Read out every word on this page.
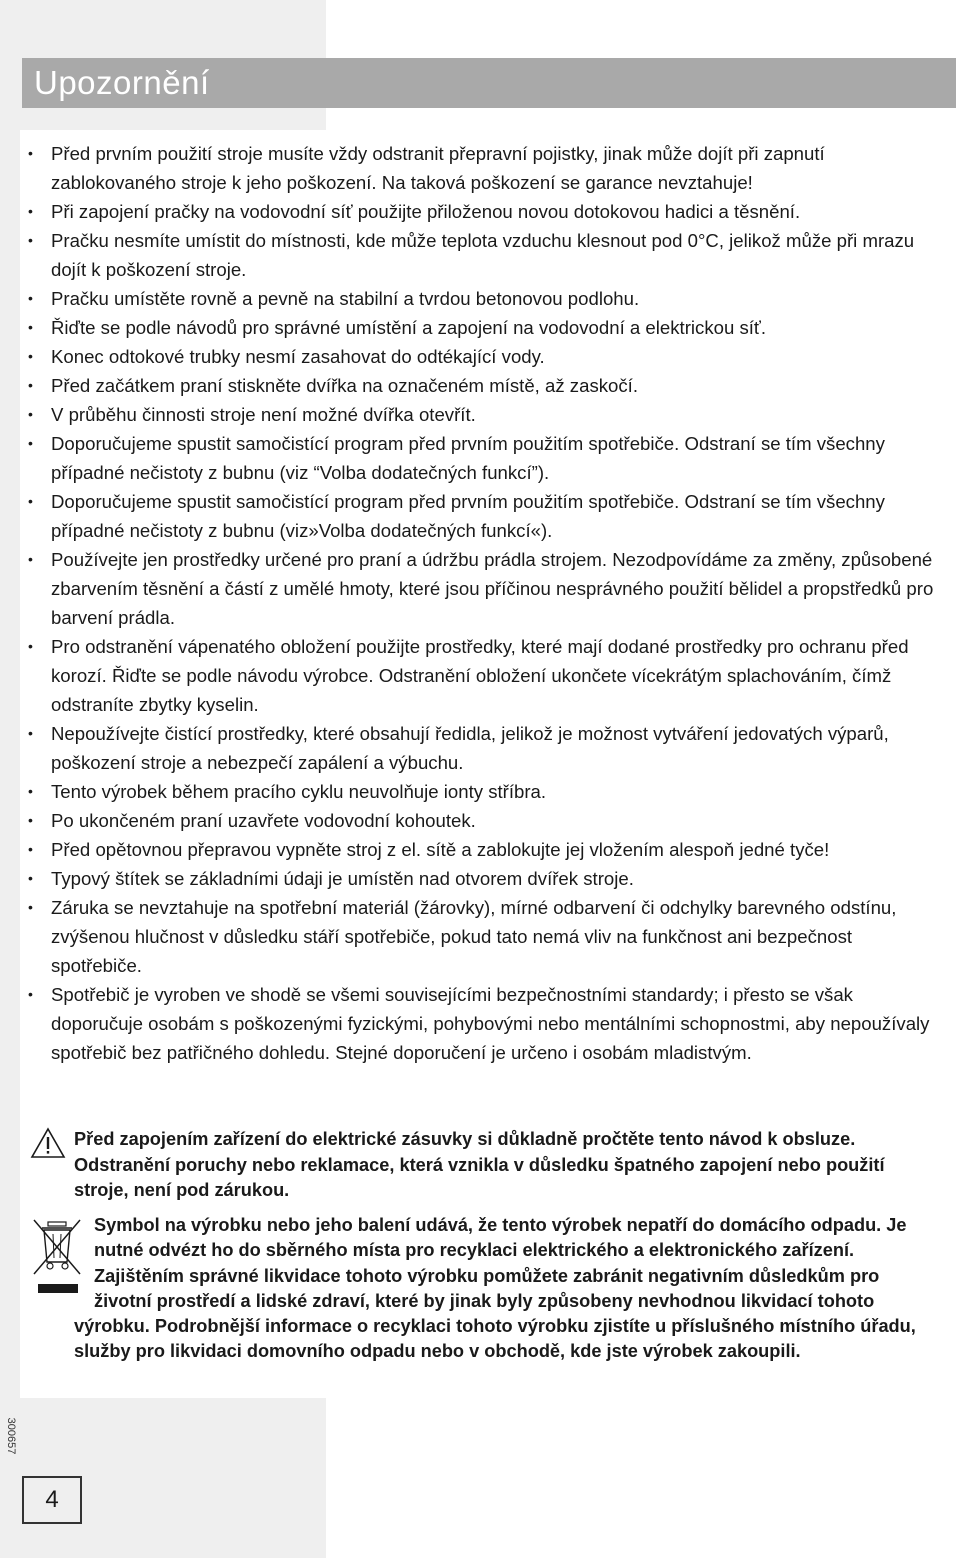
Upozornění
• Před prvním použití stroje musíte vždy odstranit přepravní pojistky, jinak může dojít při zapnutí zablokovaného stroje k jeho poškození. Na taková poškození se garance nevztahuje!
• Při zapojení pračky na vodovodní síť použijte přiloženou novou dotokovou hadici a těsnění.
• Pračku nesmíte umístit do místnosti, kde může teplota vzduchu klesnout pod 0°C, jelikož může při mrazu dojít k poškození stroje.
• Pračku umístěte rovně a pevně na stabilní a tvrdou betonovou podlohu.
• Řiďte se podle návodů pro správné umístění a zapojení na vodovodní a elektrickou síť.
• Konec odtokové trubky nesmí zasahovat do odtékající vody.
• Před začátkem praní stiskněte dvířka na označeném místě, až zaskočí.
• V průběhu činnosti stroje není možné dvířka otevřít.
• Doporučujeme spustit samočistící program před prvním použitím spotřebiče. Odstraní se tím všechny případné nečistoty z bubnu (viz “Volba dodatečných funkcí”).
• Doporučujeme spustit samočistící program před prvním použitím spotřebiče. Odstraní se tím všechny případné nečistoty z bubnu (viz»Volba dodatečných funkcí«).
• Používejte jen prostředky určené pro praní a údržbu prádla strojem. Nezodpovídáme za změny, způsobené zbarvením těsnění a částí z umělé hmoty, které jsou příčinou nesprávného použití bělidel a propstředků pro barvení prádla.
• Pro odstranění vápenatého obložení použijte prostředky, které mají dodané prostředky pro ochranu před korozí. Řiďte se podle návodu výrobce. Odstranění obložení ukončete vícekrátým splachováním, čímž odstraníte zbytky kyselin.
• Nepoužívejte čistící prostředky, které obsahují ředidla, jelikož je možnost vytváření jedovatých výparů, poškození stroje a nebezpečí zapálení a výbuchu.
• Tento výrobek během pracího cyklu neuvolňuje ionty stříbra.
• Po ukončeném praní uzavřete vodovodní kohoutek.
• Před opětovnou přepravou vypněte stroj z el. sítě a zablokujte jej vložením alespoň jedné tyče!
• Typový štítek se základními údaji je umístěn nad otvorem dvířek stroje.
• Záruka se nevztahuje na spotřební materiál (žárovky), mírné odbarvení či odchylky barevného odstínu, zvýšenou hlučnost v důsledku stáří spotřebiče, pokud tato nemá vliv na funkčnost ani bezpečnost spotřebiče.
• Spotřebič je vyroben ve shodě se všemi souvisejícími bezpečnostními standardy; i přesto se však doporučuje osobám s poškozenými fyzickými, pohybovými nebo mentálními schopnostmi, aby nepoužívaly spotřebič bez patřičného dohledu. Stejné doporučení je určeno i osobám mladistvým.
Před zapojením zařízení do elektrické zásuvky si důkladně pročtěte tento návod k obsluze. Odstranění poruchy nebo reklamace, která vznikla v důsledku špatného zapojení nebo použití stroje, není pod zárukou.
Symbol na výrobku nebo jeho balení udává, že tento výrobek nepatří do domácího odpadu. Je nutné odvézt ho do sběrného místa pro recyklaci elektrického a elektronického zařízení. Zajištěním správné likvidace tohoto výrobku pomůžete zabránit negativním důsledkům pro životní prostředí a lidské zdraví, které by jinak byly způsobeny nevhodnou likvidací tohoto výrobku. Podrobnější informace o recyklaci tohoto výrobku zjistíte u příslušného místního úřadu, služby pro likvidaci domovního odpadu nebo v obchodě, kde jste výrobek zakoupili.
300657
4
